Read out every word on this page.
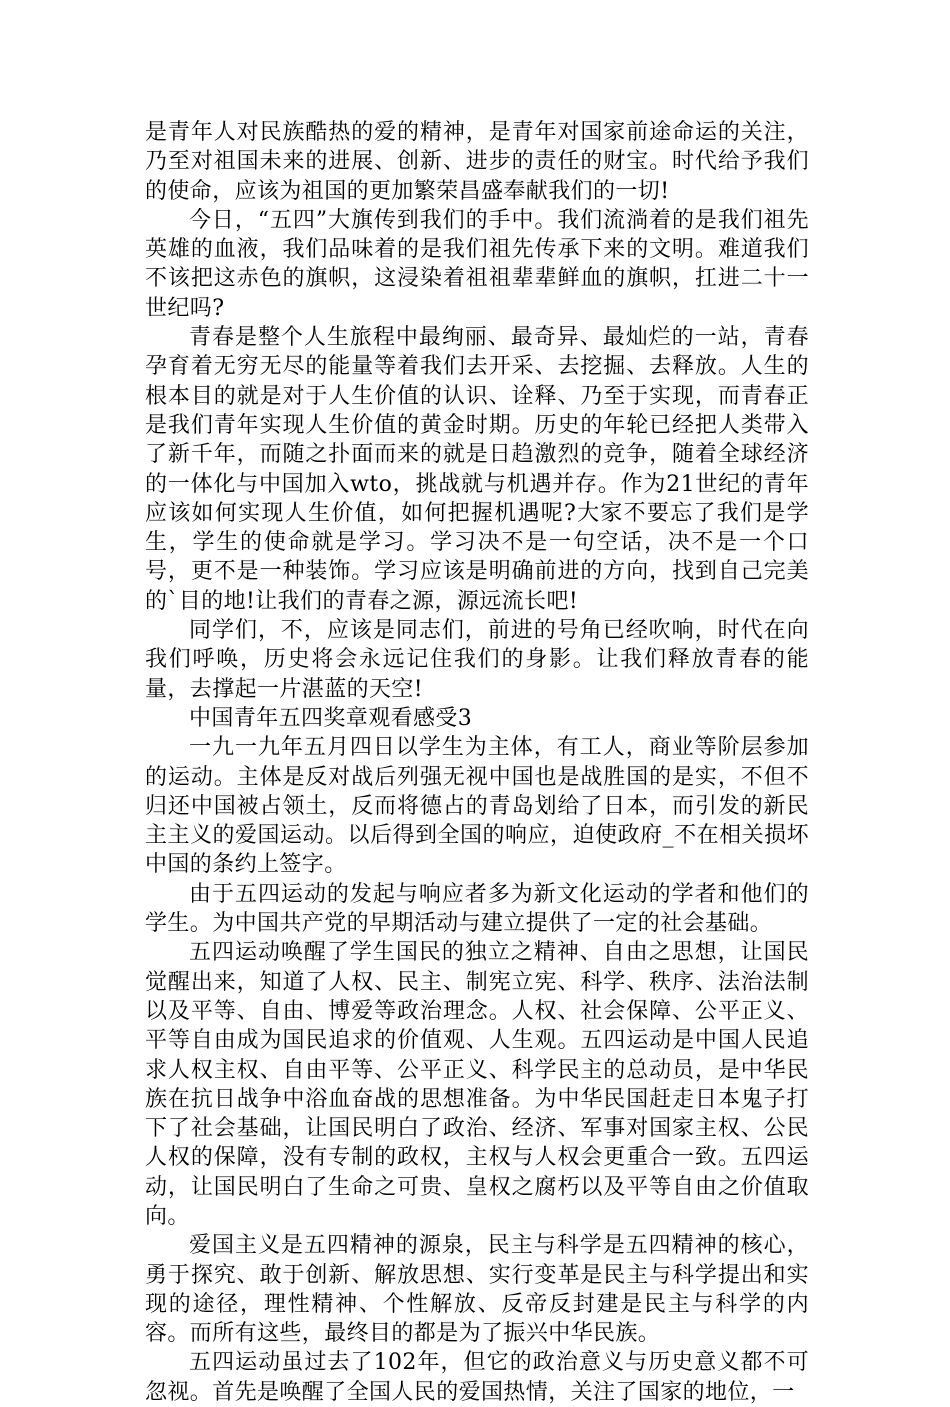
是青年人对民族酷热的爱的精神，是青年对国家前途命运的关注，乃至对祖国未来的进展、创新、进步的责任的财宝。时代给予我们的使命，应该为祖国的更加繁荣昌盛奉献我们的一切!

今日，“五四”大旗传到我们的手中。我们流淌着的是我们祖先英雄的血液，我们品味着的是我们祖先传承下来的文明。难道我们不该把这赤色的旗帜，这浸染着祖祖辈辈鲜血的旗帜，扛进二十一世纪吗?

青春是整个人生旅程中最绚丽、最奇异、最灿烂的一站，青春孕育着无穷无尽的能量等着我们去开采、去挖掘、去释放。人生的根本目的就是对于人生价值的认识、诠释、乃至于实现，而青春正是我们青年实现人生价值的黄金时期。历史的年轮已经把人类带入了新千年，而随之扑面而来的就是日趋激烈的竞争，随着全球经济的一体化与中国加入wto，挑战就与机遇并存。作为21世纪的青年应该如何实现人生价值，如何把握机遇呢?大家不要忘了我们是学生，学生的使命就是学习。学习决不是一句空话，决不是一个口号，更不是一种装饰。学习应该是明确前进的方向，找到自己完美的`目的地!让我们的青春之源，源远流长吧!

同学们，不，应该是同志们，前进的号角已经吹响，时代在向我们呼唤，历史将会永远记住我们的身影。让我们释放青春的能量，去撑起一片湛蓝的天空!

中国青年五四奖章观看感受3

一九一九年五月四日以学生为主体，有工人，商业等阶层参加的运动。主体是反对战后列强无视中国也是战胜国的是实，不但不归还中国被占领土，反而将德占的青岛划给了日本，而引发的新民主主义的爱国运动。以后得到全国的响应，迫使政府_不在相关损坏中国的条约上签字。

由于五四运动的发起与响应者多为新文化运动的学者和他们的学生。为中国共产党的早期活动与建立提供了一定的社会基础。

五四运动唤醒了学生国民的独立之精神、自由之思想，让国民觉醒出来，知道了人权、民主、制宪立宪、科学、秩序、法治法制以及平等、自由、博爱等政治理念。人权、社会保障、公平正义、平等自由成为国民追求的价值观、人生观。五四运动是中国人民追求人权主权、自由平等、公平正义、科学民主的总动员，是中华民族在抗日战争中浴血奋战的思想准备。为中华民国赶走日本鬼子打下了社会基础，让国民明白了政治、经济、军事对国家主权、公民人权的保障，没有专制的政权，主权与人权会更重合一致。五四运动，让国民明白了生命之可贵、皇权之腐朽以及平等自由之价值取向。

爱国主义是五四精神的源泉，民主与科学是五四精神的核心，勇于探究、敢于创新、解放思想、实行变革是民主与科学提出和实现的途径，理性精神、个性解放、反帝反封建是民主与科学的内容。而所有这些，最终目的都是为了振兴中华民族。

五四运动虽过去了102年，但它的政治意义与历史意义都不可忽视。首先是唤醒了全国人民的爱国热情，关注了国家的地位，一
